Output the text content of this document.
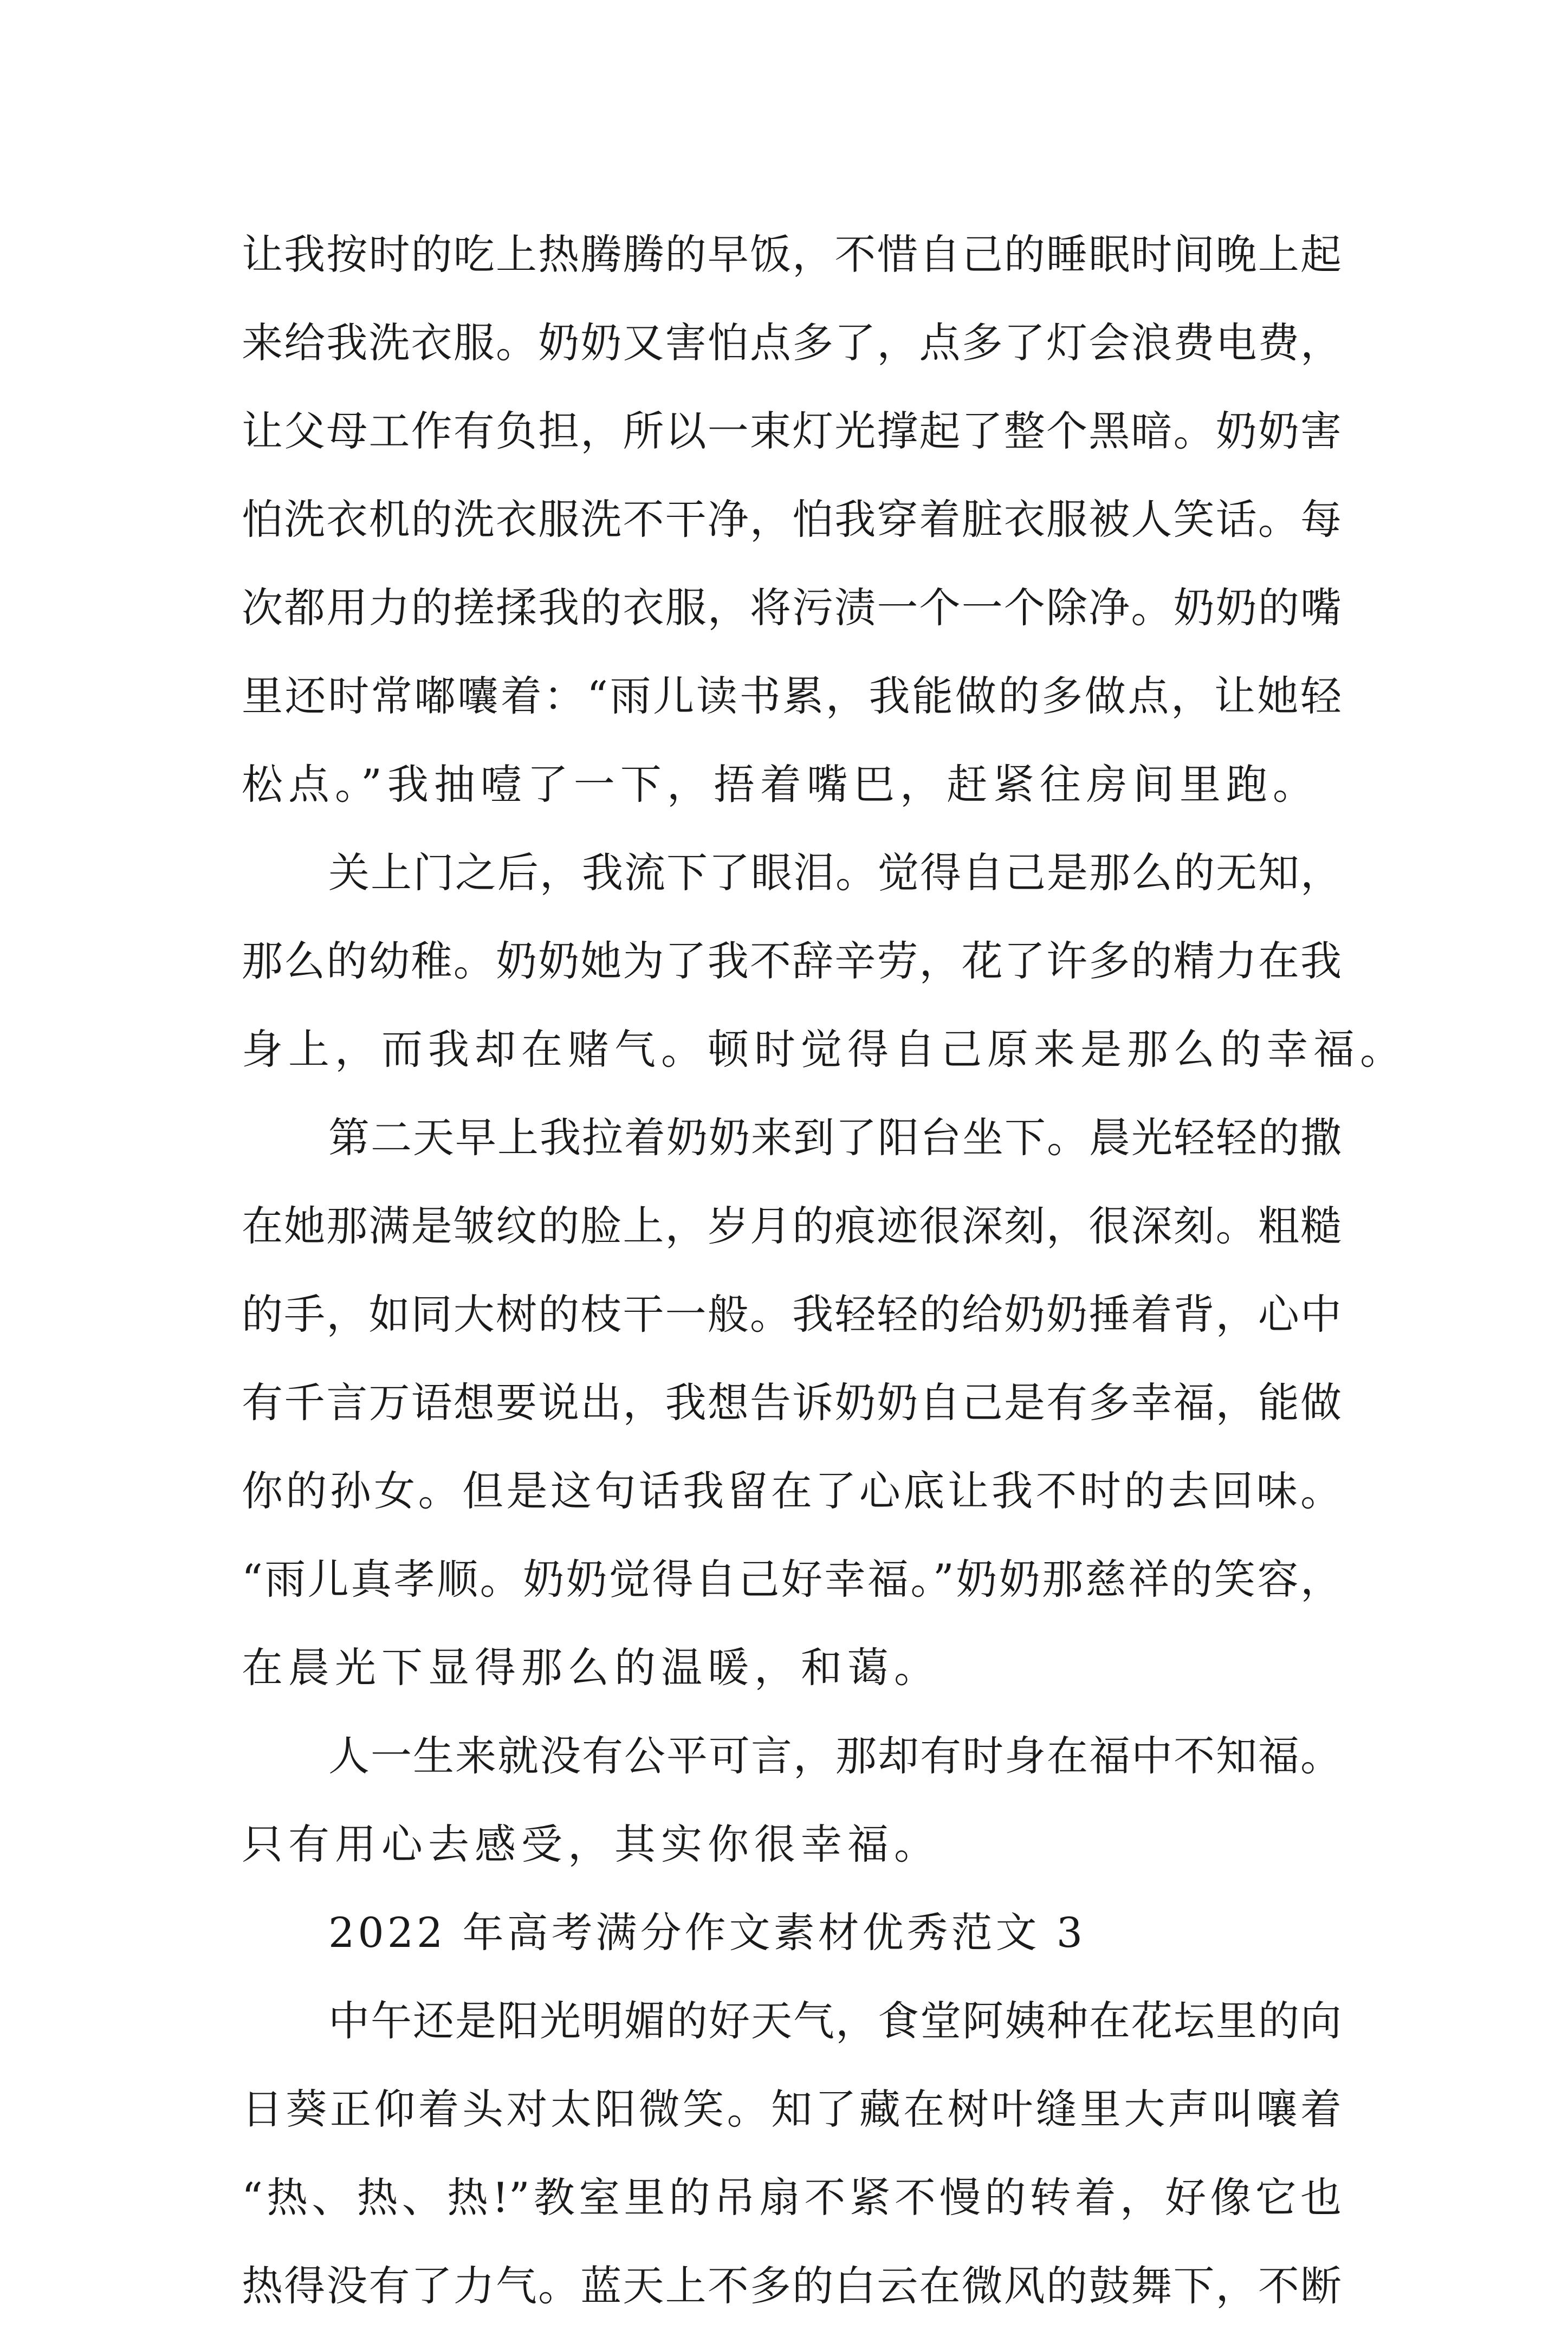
让我按时的吃上热腾腾的早饭，不惜自己的睡眠时间晚上起
来给我洗衣服。奶奶又害怕点多了，点多了灯会浪费电费，
让父母工作有负担，所以一束灯光撑起了整个黑暗。奶奶害
怕洗衣机的洗衣服洗不干净，怕我穿着脏衣服被人笑话。每
次都用力的搓揉我的衣服，将污渍一个一个除净。奶奶的嘴
里还时常嘟囔着：“雨儿读书累，我能做的多做点，让她轻
松点。”我抽噎了一下，捂着嘴巴，赶紧往房间里跑。
关上门之后，我流下了眼泪。觉得自己是那么的无知，
那么的幼稚。奶奶她为了我不辞辛劳，花了许多的精力在我
身上，而我却在赌气。顿时觉得自己原来是那么的幸福。
第二天早上我拉着奶奶来到了阳台坐下。晨光轻轻的撒
在她那满是皱纹的脸上，岁月的痕迹很深刻，很深刻。粗糙
的手，如同大树的枝干一般。我轻轻的给奶奶捶着背，心中
有千言万语想要说出，我想告诉奶奶自己是有多幸福，能做
你的孙女。但是这句话我留在了心底让我不时的去回味。
“雨儿真孝顺。奶奶觉得自己好幸福。”奶奶那慈祥的笑容，
在晨光下显得那么的温暖，和蔼。
人一生来就没有公平可言，那却有时身在福中不知福。
只有用心去感受，其实你很幸福。
2022 年高考满分作文素材优秀范文 3
中午还是阳光明媚的好天气，食堂阿姨种在花坛里的向
日葵正仰着头对太阳微笑。知了藏在树叶缝里大声叫嚷着
“热、热、热!”教室里的吊扇不紧不慢的转着，好像它也
热得没有了力气。蓝天上不多的白云在微风的鼓舞下，不断
